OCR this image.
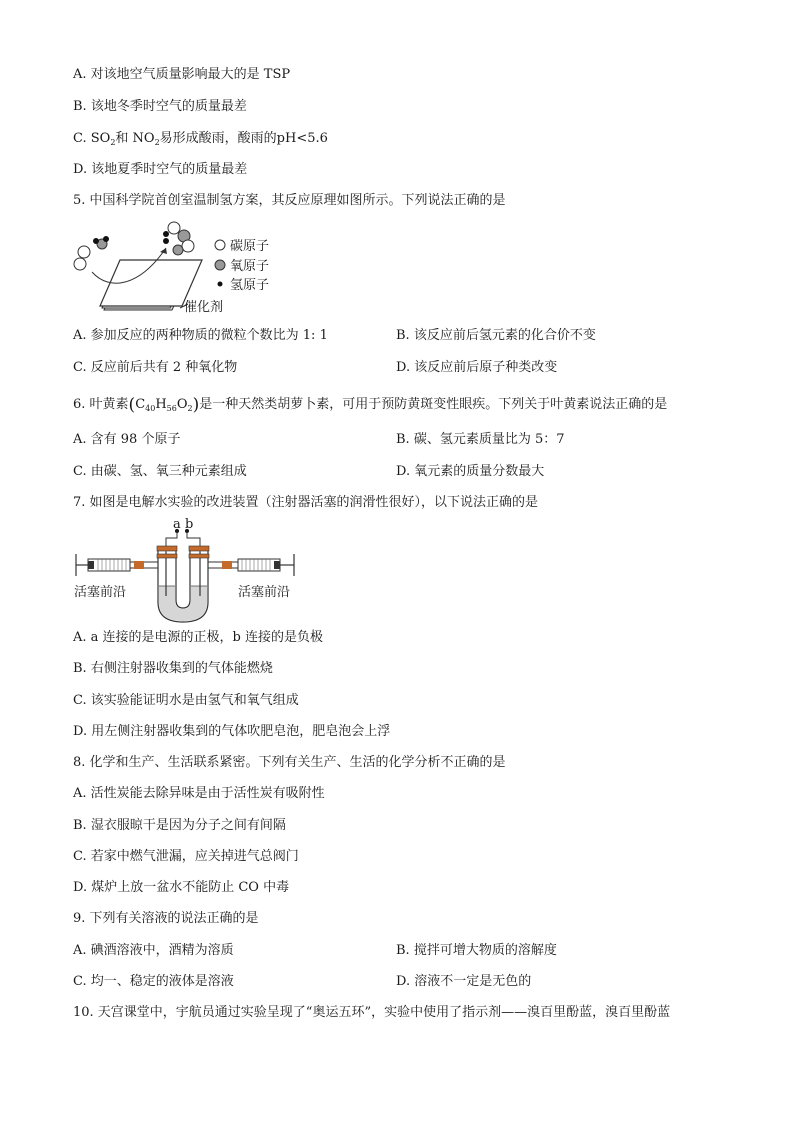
A. 对该地空气质量影响最大的是 TSP
B. 该地冬季时空气的质量最差
C. $SO_2$和 $NO_2$易形成酸雨，酸雨的pH<5.6
D. 该地夏季时空气的质量最差
5. 中国科学院首创室温制氢方案，其反应原理如图所示。下列说法正确的是
碳原子
氧原子
氢原子
催化剂
A. 参加反应的两种物质的微粒个数比为 1: 1	B. 该反应前后氢元素的化合价不变
C. 反应前后共有 2 种氧化物	D. 该反应前后原子种类改变
6. 叶黄素$(C_{40}H_{56}O_2)$是一种天然类胡萝卜素，可用于预防黄斑变性眼疾。下列关于叶黄素说法正确的是
A. 含有 98 个原子	B. 碳、氢元素质量比为 5：7
C. 由碳、氢、氧三种元素组成	D. 氧元素的质量分数最大
7. 如图是电解水实验的改进装置（注射器活塞的润滑性很好），以下说法正确的是
a b
活塞前沿	活塞前沿
A. a 连接的是电源的正极，b 连接的是负极
B. 右侧注射器收集到的气体能燃烧
C. 该实验能证明水是由氢气和氧气组成
D. 用左侧注射器收集到的气体吹肥皂泡，肥皂泡会上浮
8. 化学和生产、生活联系紧密。下列有关生产、生活的化学分析不正确的是
A. 活性炭能去除异味是由于活性炭有吸附性
B. 湿衣服晾干是因为分子之间有间隔
C. 若家中燃气泄漏，应关掉进气总阀门
D. 煤炉上放一盆水不能防止 CO 中毒
9. 下列有关溶液的说法正确的是
A. 碘酒溶液中，酒精为溶质	B. 搅拌可增大物质的溶解度
C. 均一、稳定的液体是溶液	D. 溶液不一定是无色的
10. 天宫课堂中，宇航员通过实验呈现了“奥运五环”，实验中使用了指示剂——溴百里酚蓝，溴百里酚蓝
